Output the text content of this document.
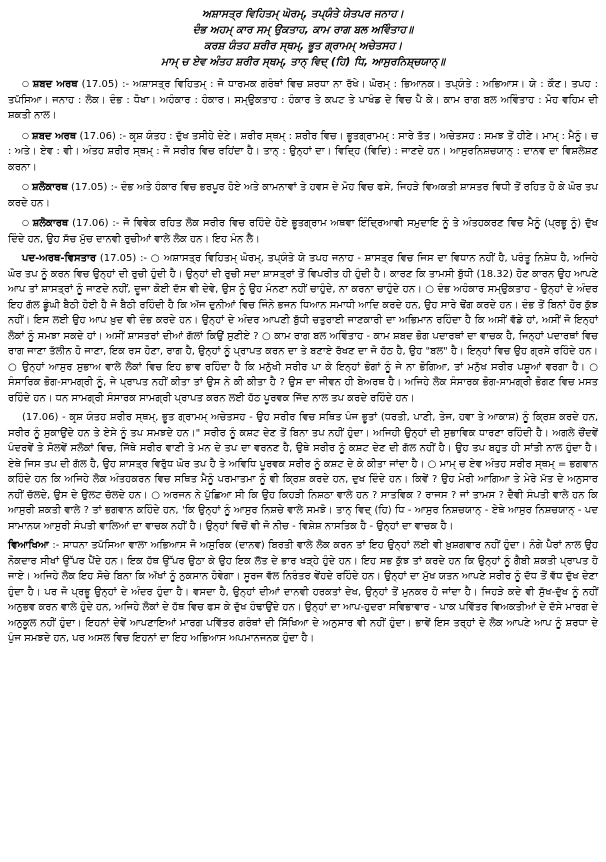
ਅਸ਼ਾਸਤ੍ਰ ਵਿਹਿਤਮ੍ ਘੋਰਮ੍, ਤਪ੍ਯੰਤੇ ਯੇਤਪਰ ਜਨਾਹ।

ਦੰਭ ਅਹਮ੍ ਕਾਰ ਸਮ੍ ਉਕਤਾਹ, ਕਾਮ ਰਾਗ ਬਲ ਅਵਿੰਤਾਹ॥

ਕਰਸ਼ ਯੰਤਹ ਸ਼ਰੀਰ ਸ੍ਥਮ੍, ਭੂਤ ਗ੍ਰਾਮਮ੍ ਅਚੇਤਸਹ।

ਮਾਮ੍ ਚ ਏਵ ਅੰਤਹ ਸ਼ਰੀਰ ਸ੍ਥਮ੍, ਤਾਨ੍ ਵਿਦ੍ (ਹਿ) ਧਿ, ਆਸੁਰਨਿਸ਼੍ਚਯਾਨ੍॥

○ ਸ਼ਬਦ ਅਰਥ (17.05) :- ਅਸ਼ਾਸਤ੍ਰ ਵਿਹਿਤਮ੍ : ਜੋ ਧਾਰਮਕ ਗਰੰਥਾਂ ਵਿਚ ਸ਼ਰਧਾ ਨਾ ਰੱਖੇ। ਘੋਰਮ੍ : ਭਿਆਨਕ। ਤਪ੍ਯੰਤੇ : ਅਭਿਆਸ। ਯੇ : ਕੌਣ। ਤਪਹ : ਤਪੱਸਿਆ। ਜਨਾਹ : ਲੋਕ। ਦੰਭ : ਧੋਖਾ। ਅਹੰਕਾਰ : ਹੰਕਾਰ। ਸਮ੍ਉਕਤਾਹ : ਹੰਕਾਰ ਤੇ ਕਪਟ ਤੇ ਪਾਖੰਡ ਦੇ ਵਿਚ ਪੈ ਕੇ। ਕਾਮ ਰਾਗ ਬਲ ਅਵਿੰਤਾਹ : ਮੋਹ ਵਹਿਮ ਦੀ ਸ਼ਕਤੀ ਨਾਲ।

○ ਸ਼ਬਦ ਅਰਥ (17.06) :- ਕਰ੍ਸ਼ ਯੰਤਹ : ਦੁੱਖ ਤਸੀਹੇ ਦੇਣੇ। ਸ਼ਰੀਰ ਸ੍ਥਮ੍ : ਸ਼ਰੀਰ ਵਿਚ। ਭੂਤਗ੍ਰਾਮਮ੍ : ਸਾਰੇ ਤੱਤ। ਅਚੇਤਸਹ : ਸਮਝ ਤੋਂ ਹੀਣੇ। ਮਾਮ੍ : ਮੈਨੂੰ। ਚ : ਅਤੇ। ਏਵ : ਵੀ। ਅੰਤਹ ਸ਼ਰੀਰ ਸ੍ਥਮ੍ : ਜੋ ਸਰੀਰ ਵਿਚ ਰਹਿਂਦਾ ਹੈ। ਤਾਨ੍ : ਉਨ੍ਹਾਂ ਦਾ। ਵਿਦ੍ਹਿ (ਵਿਦਿ) : ਜਾਣਦੇ ਹਨ। ਆਸੁਰਨਿਸ਼ਚਯਾਨ੍ : ਦਾਨਵ ਦਾ ਵਿਸ਼ਲੇਸ਼ਣ ਕਰਨਾ।

○ ਸ਼ਲੋਕਾਰਥ (17.05) :- ਦੰਭ ਅਤੇ ਹੰਕਾਰ ਵਿਚ ਭਰਪੂਰ ਹੋਏ ਅਤੇ ਕਾਮਨਾਵਾਂ ਤੇ ਹਵਸ ਦੇ ਮੋਹ ਵਿਚ ਫਸੇ, ਜਿਹੜੇ ਵਿਅਕਤੀ ਸ਼ਾਸਤਰ ਵਿਧੀ ਤੋਂ ਰਹਿਤ ਹੋ ਕੇ ਘੋਰ ਤਪ ਕਰਦੇ ਹਨ।

○ ਸ਼ਲੋਕਾਰਥ (17.06) :- ਜੋ ਵਿਵੇਕ ਰਹਿਤ ਲੋਕ ਸਰੀਰ ਵਿਚ ਰਹਿੰਦੇ ਹੋਏ ਭੂਤਗ੍ਰਾਮ ਅਥਵਾ ਇੰਦ੍ਰਿਆਵੀ ਸਮੁਦਾਇ ਨੂੰ ਤੇ ਅੰਤਹਕਰਣ ਵਿਚ ਮੈਨੂੰ (ਪ੍ਰਭੂ ਨੂੰ) ਦੁੱਖ ਦਿੰਦੇ ਹਨ, ਉਹ ਸੱਚ ਮੁੱਚ ਦਾਨਵੀ ਰੁਚੀਆਂ ਵਾਲੇ ਲੋਕ ਹਨ। ਇਹ ਮੰਨ ਲੈ।

ਪਦ-ਅਰਥ-ਵਿਸਤਾਰ (17.05) :- ○ ਅਸ਼ਾਸਤ੍ਰ ਵਿਹਿਤਮ੍ ਘੋਰਮ੍, ਤਪ੍ਯੰਤੇ ਯੇ ਤਪਹ ਜਨਾਹ - ਸ਼ਾਸਤ੍ਰ ਵਿਚ ਜਿਸ ਦਾ ਵਿਧਾਨ ਨਹੀਂ ਹੈ, ਪਰੰਤੂ ਨਿਸ਼ੇਧ ਹੈ, ਅਜਿਹੇ ਘੋਰ ਤਪ ਨੂੰ ਕਰਨ ਵਿਚ ਉਨ੍ਹਾਂ ਦੀ ਰੁਚੀ ਹੁੰਦੀ ਹੈ। ਉਨ੍ਹਾਂ ਦੀ ਰੁਚੀ ਸਦਾ ਸ਼ਾਸਤ੍ਰਾਂ ਤੋਂ ਵਿਪਰੀਤ ਹੀ ਹੁੰਦੀ ਹੈ। ਕਾਰਣ ਕਿ ਤਾਮਸੀ ਬੁੱਧੀ (18.32) ਹੋਣ ਕਾਰਨ ਉਹ ਆਪਣੇ ਆਪ ਤਾਂ ਸ਼ਾਸਤ੍ਰਾਂ ਨੂੰ ਜਾਣਦੇ ਨਹੀਂ, ਦੂਜਾ ਕੋਈ ਦੱਸ ਵੀ ਦੇਵੇ, ਉਸ ਨੂੰ ਉਹ ਮੰਨਣਾ ਨਹੀਂ ਚਾਹੁੰਦੇ, ਨਾ ਕਰਨਾ ਚਾਹੁੰਦੇ ਹਨ। ○ ਦੰਭ ਅਹੰਕਾਰ ਸਮ੍ਉਕਤਾਹ - ਉਨ੍ਹਾਂ ਦੇ ਅੰਦਰ ਇਹ ਗੱਲ ਡੂੰਘੀ ਬੈਠੀ ਹੋਈ ਹੈ ਜੋ ਬੈਠੀ ਰਹਿੰਦੀ ਹੈ ਕਿ ਅੱਜ ਦੁਨੀਆਂ ਵਿਚ ਜਿੰਨੇ ਭਜਨ ਧਿਆਨ ਸਮਾਧੀ ਆਦਿ ਕਰਦੇ ਹਨ, ਉਹ ਸਾਰੇ ਢੋਂਗ ਕਰਦੇ ਹਨ। ਦੰਭ ਤੋਂ ਬਿਨਾਂ ਹੋਰ ਕੁੱਝ ਨਹੀਂ। ਇਸ ਲਈ ਉਹ ਆਪ ਖ਼ੁਦ ਵੀ ਦੰਭ ਕਰਦੇ ਹਨ। ਉਨ੍ਹਾਂ ਦੇ ਅੰਦਰ ਆਪਣੀ ਬੁੱਧੀ ਚਤੁਰਾਈ ਜਾਣਕਾਰੀ ਦਾ ਅਭਿਮਾਨ ਰਹਿੰਦਾ ਹੈ ਕਿ ਅਸੀਂ ਵੱਡੇ ਹਾਂ, ਅਸੀਂ ਜੋ ਇਨ੍ਹਾਂ ਲੋਕਾਂ ਨੂੰ ਸਮਝਾ ਸਕਦੇ ਹਾਂ। ਅਸੀਂ ਸ਼ਾਸਤਰਾਂ ਦੀਆਂ ਗੱਲਾਂ ਕਿਉਂ ਸੁਣੀਏ ? ○ ਕਾਮ ਰਾਗ ਬਲ ਅਵਿੰਤਾਹ - ਕਾਮ ਸ਼ਬਦ ਭੋਗ ਪਦਾਰਥਾਂ ਦਾ ਵਾਚਕ ਹੈ, ਜਿਨ੍ਹਾਂ ਪਦਾਰਥਾਂ ਵਿਚ ਰਾਗ ਜਾਣਾ ਤੱਲੀਨ ਹੋ ਜਾਣਾ, ਇਕ ਰਸ ਹੋਣਾ, ਰਾਗ ਹੈ, ਉਨ੍ਹਾਂ ਨੂੰ ਪ੍ਰਾਪਤ ਕਰਨ ਦਾ ਤੇ ਬਣਾਏ ਰੱਖਣ ਦਾ ਜੋ ਹੱਠ ਹੈ, ਉਹ "ਬਲ" ਹੈ। ਇਨ੍ਹਾਂ ਵਿਚ ਉਹ ਗ੍ਰਸੇ ਰਹਿੰਦੇ ਹਨ। ○ ਉਨ੍ਹਾਂ ਆਸੁਰ ਸੁਭਾਅ ਵਾਲੇ ਲੋਕਾਂ ਵਿਚ ਇਹ ਭਾਵ ਰਹਿੰਦਾ ਹੈ ਕਿ ਮਨੁੱਖੀ ਸਰੀਰ ਪਾ ਕੇ ਇਨ੍ਹਾਂ ਭੋਗਾਂ ਨੂੰ ਜੇ ਨਾ ਭੋਗਿਆ, ਤਾਂ ਮਨੁੱਖ ਸਰੀਰ ਪਸ਼ੂਆਂ ਵਰਗਾ ਹੈ। ○ ਸੰਸਾਰਿਕ ਭੋਗ-ਸਾਮਗ੍ਰੀ ਨੂੰ, ਜੇ ਪ੍ਰਾਪਤ ਨਹੀਂ ਕੀਤਾ ਤਾਂ ਉਸ ਨੇ ਕੀ ਕੀਤਾ ਹੈ ? ਉਸ ਦਾ ਜੀਵਨ ਹੀ ਬੇਅਰਥ ਹੈ। ਅਜਿਹੇ ਲੋਕ ਸੰਸਾਰਕ ਭੋਗ-ਸਾਮਗ੍ਰੀ ਭੋਗਣ ਵਿਚ ਮਸਤ ਰਹਿੰਦੇ ਹਨ। ਧਨ ਸਾਮਗ੍ਰੀ ਸੰਸਾਰਕ ਸਾਮਗ੍ਰੀ ਪ੍ਰਾਪਤ ਕਰਨ ਲਈ ਹੱਠ ਪੂਰਵਕ ਜਿੱਦ ਨਾਲ ਤਪ ਕਰਦੇ ਰਹਿੰਦੇ ਹਨ।

(17.06) - ਕਰ੍ਸ਼ ਯੰਤਹ ਸ਼ਰੀਰ ਸ੍ਥਮ੍, ਭੂਤ ਗ੍ਰਾਮਮ੍ ਅਚੇਤਸਹ - ਉਹ ਸਰੀਰ ਵਿਚ ਸਥਿਤ ਪੰਜ ਭੂਤਾਂ (ਧਰਤੀ, ਪਾਣੀ, ਤੇਜ, ਹਵਾ ਤੇ ਆਕਾਸ਼) ਨੂੰ ਕ੍ਰਿਸ਼ ਕਰਦੇ ਹਨ, ਸਰੀਰ ਨੂੰ ਸੁਕਾਉਂਦੇ ਹਨ ਤੇ ਏਸੇ ਨੂੰ ਤਪ ਸਮਝਦੇ ਹਨ।" ਸਰੀਰ ਨੂੰ ਕਸ਼ਟ ਦੇਣ ਤੋਂ ਬਿਨਾ ਤਪ ਨਹੀਂ ਹੁੰਦਾ। ਅਜਿਹੀ ਉਨ੍ਹਾਂ ਦੀ ਸੁਭਾਵਿਕ ਧਾਰਣਾ ਰਹਿੰਦੀ ਹੈ। ਅਗਲੇ ਚੌਂਦਵੇਂ ਪੰਦਰਵੇਂ ਤੇ ਸੋਲਵੇਂ ਸਲੋਕਾਂ ਵਿਚ, ਜਿੱਥੇ ਸਰੀਰ ਵਾਣੀ ਤੇ ਮਨ ਦੇ ਤਪ ਦਾ ਵਰਨਣ ਹੈ, ਉਥੇ ਸਰੀਰ ਨੂੰ ਕਸ਼ਟ ਦੇਣ ਦੀ ਗੱਲ ਨਹੀਂ ਹੈ। ਉਹ ਤਪ ਬਹੁਤ ਹੀ ਸਾਂਤੀ ਨਾਲ ਹੁੰਦਾ ਹੈ। ਏਥੇ ਜਿਸ ਤਪ ਦੀ ਗੱਲ ਹੈ, ਉਹ ਸ਼ਾਸਤ੍ਰ ਵਿਰੁੱਧ ਘੋਰ ਤਪ ਹੈ ਤੇ ਅਵਿਧਿ ਪੂਰਵਕ ਸਰੀਰ ਨੂੰ ਕਸ਼ਟ ਦੇ ਕੇ ਕੀਤਾ ਜਾਂਦਾ ਹੈ। ○ ਮਾਮ੍ ਚ ਏਵ ਅੰਤਹ ਸਰੀਰ ਸ੍ਥਮ੍ = ਭਗਵਾਨ ਕਹਿੰਦੇ ਹਨ ਕਿ ਅਜਿਹੇ ਲੋਕ ਅੰਤਹਕਰਨ ਵਿਚ ਸਥਿਤ ਮੈਨੂੰ ਪਰਮਾਤਮਾ ਨੂੰ ਵੀ ਕ੍ਰਿਸ਼ ਕਰਦੇ ਹਨ, ਦੁਖ ਦਿੰਦੇ ਹਨ। ਕਿਵੇਂ ? ਉਹ ਮੇਰੀ ਆਗਿਆ ਤੇ ਮੇਰੇ ਮੱਤ ਦੇ ਅਨੁਸਾਰ ਨਹੀਂ ਚੱਲਦੇ, ਉਸ ਦੇ ਉਲਟ ਚੱਲਦੇ ਹਨ। ○ ਅਰਜਨ ਨੇ ਪੁੱਛਿਆ ਸੀ ਕਿ ਉਹ ਕਿਹੜੀ ਨਿਸ਼ਠਾ ਵਾਲੇ ਹਨ ? ਸਾਤਵਿਕ ? ਰਾਜਸ ? ਜਾਂ ਤਾਮਸ ? ਦੈਵੀ ਸੰਪਤੀ ਵਾਲੇ ਹਨ ਕਿ ਆਸੁਰੀ ਸ਼ਕਤੀ ਵਾਲੇ ? ਤਾਂ ਭਗਵਾਨ ਕਹਿੰਦੇ ਹਨ, 'ਕਿ ਉਨ੍ਹਾਂ ਨੂੰ ਆਸੁਰ ਨਿਸ਼ਚੇ ਵਾਲੇ ਸਮਝੋ। ਤਾਨ੍ ਵਿਦ੍ (ਹਿ) ਧਿ - ਆਸੁਰ ਨਿਸ਼ਚਯਾਨ੍ - ਏਥੇ ਆਸੁਰ ਨਿਸ਼ਚਯਾਨ੍ - ਪਦ ਸਾਮਾਨਯ ਆਸੁਰੀ ਸੰਪਤੀ ਵਾਲਿਆਂ ਦਾ ਵਾਚਕ ਨਹੀਂ ਹੈ। ਉਨ੍ਹਾਂ ਵਿਚੋਂ ਵੀ ਜੋ ਨੀਚ - ਵਿਸ਼ੇਸ਼ ਨਾਸਤਿਕ ਹੈ - ਉਨ੍ਹਾਂ ਦਾ ਵਾਚਕ ਹੈ।

ਵਿਆਖਿਆ :- ਸਾਧਨਾ ਤਪੱਸਿਆ ਵਾਲਾ ਅਭਿਆਸ ਜੋ ਅਸੁਰਿਕ (ਦਾਨਵ) ਬਿਰਤੀ ਵਾਲੇ ਲੋਕ ਕਰਨ ਤਾਂ ਇਹ ਉਨ੍ਹਾਂ ਲਈ ਵੀ ਖ਼ੁਸ਼ਗਵਾਰ ਨਹੀਂ ਹੁੰਦਾ। ਨੰਗੇ ਪੈਰਾਂ ਨਾਲ ਉਹ ਨੋਕਦਾਰ ਸੀਖਾਂ ਉੱਪਰ ਪੈਂਦੇ ਹਨ। ਇਕ ਹੱਥ ਉੱਪਰ ਉਠਾ ਕੇ ਉਹ ਇਕ ਲੱਤ ਦੇ ਭਾਰ ਖੜ੍ਹੇ ਹੁੰਦੇ ਹਨ। ਇਹ ਸਭ ਕੁੱਝ ਤਾਂ ਕਰਦੇ ਹਨ ਕਿ ਉਨ੍ਹਾਂ ਨੂੰ ਗੈਬੀ ਸ਼ਕਤੀ ਪ੍ਰਾਪਤ ਹੋ ਜਾਏ। ਅਜਿਹੇ ਲੋਕ ਇਹ ਸੋਚੇ ਬਿਨਾ ਕਿ ਅੱਖਾਂ ਨੂੰ ਨੁਕਸਾਨ ਹੋਵੇਗਾ। ਸੂਰਜ ਵੱਲ ਨਿਰੰਤਰ ਵੇਂਹਦੇ ਰਹਿੰਦੇ ਹਨ। ਉਨ੍ਹਾਂ ਦਾ ਮੁੱਖ ਯਤਨ ਆਪਣੇ ਸਰੀਰ ਨੂੰ ਦੱਧ ਤੋਂ ਵੱਧ ਦੁੱਖ ਦੇਣਾ ਹੁੰਦਾ ਹੈ। ਪਰ ਜੋ ਪ੍ਰਭੂ ਉਨ੍ਹਾਂ ਦੇ ਅੰਦਰ ਹੁੰਦਾ ਹੈ। ਵਸਦਾ ਹੈ, ਉਨ੍ਹਾਂ ਦੀਆਂ ਦਾਨਵੀ ਹਰਕਤਾਂ ਦੇਖ, ਉਨ੍ਹਾਂ ਤੋਂ ਮੁਨਕਰ ਹੋ ਜਾਂਦਾ ਹੈ। ਜਿਹੜੇ ਕਦੇ ਵੀ ਸੁੱਖ-ਦੁੱਖ ਨੂੰ ਨਹੀਂ ਅਨੁਭਵ ਕਰਨ ਵਾਲੇ ਹੁੰਦੇ ਹਨ, ਅਜਿਹੇ ਲੋਕਾਂ ਦੇ ਹੱਥ ਵਿਚ ਫਸ ਕੇ ਦੁੱਖ ਹੰਢਾਉਂਦੇ ਹਨ। ਉਨ੍ਹਾਂ ਦਾ ਆਪ-ਹੁਦਰਾ ਸਵਿਭਾਵਾਰ - ਪਾਕ ਪਵਿੱਤਰ ਵਿਅਕਤੀਆਂ ਦੇ ਦੱਸੇ ਮਾਰਗ ਦੇ ਅਨੁਕੂਲ ਨਹੀਂ ਹੁੰਦਾ। ਇਹਨਾਂ ਦੇਵੇਂ ਆਪਣਾਇਆਂ ਮਾਰਗ ਪਵਿੱਤਰ ਗਰੰਥਾਂ ਦੀ ਸਿੱਖਿਆ ਦੇ ਅਨੁਸਾਰ ਵੀ ਨਹੀਂ ਹੁੰਦਾ। ਭਾਵੇਂ ਇਸ ਤਰ੍ਹਾਂ ਦੇ ਲੋਕ ਆਪਣੇ ਆਪ ਨੂੰ ਸ਼ਰਧਾ ਦੇ ਪੁੰਜ ਸਮਝਦੇ ਹਨ, ਪਰ ਅਸਲ ਵਿਚ ਇਹਨਾਂ ਦਾ ਇਹ ਅਭਿਆਸ ਅਪਮਾਨਜਨਕ ਹੁੰਦਾ ਹੈ।
